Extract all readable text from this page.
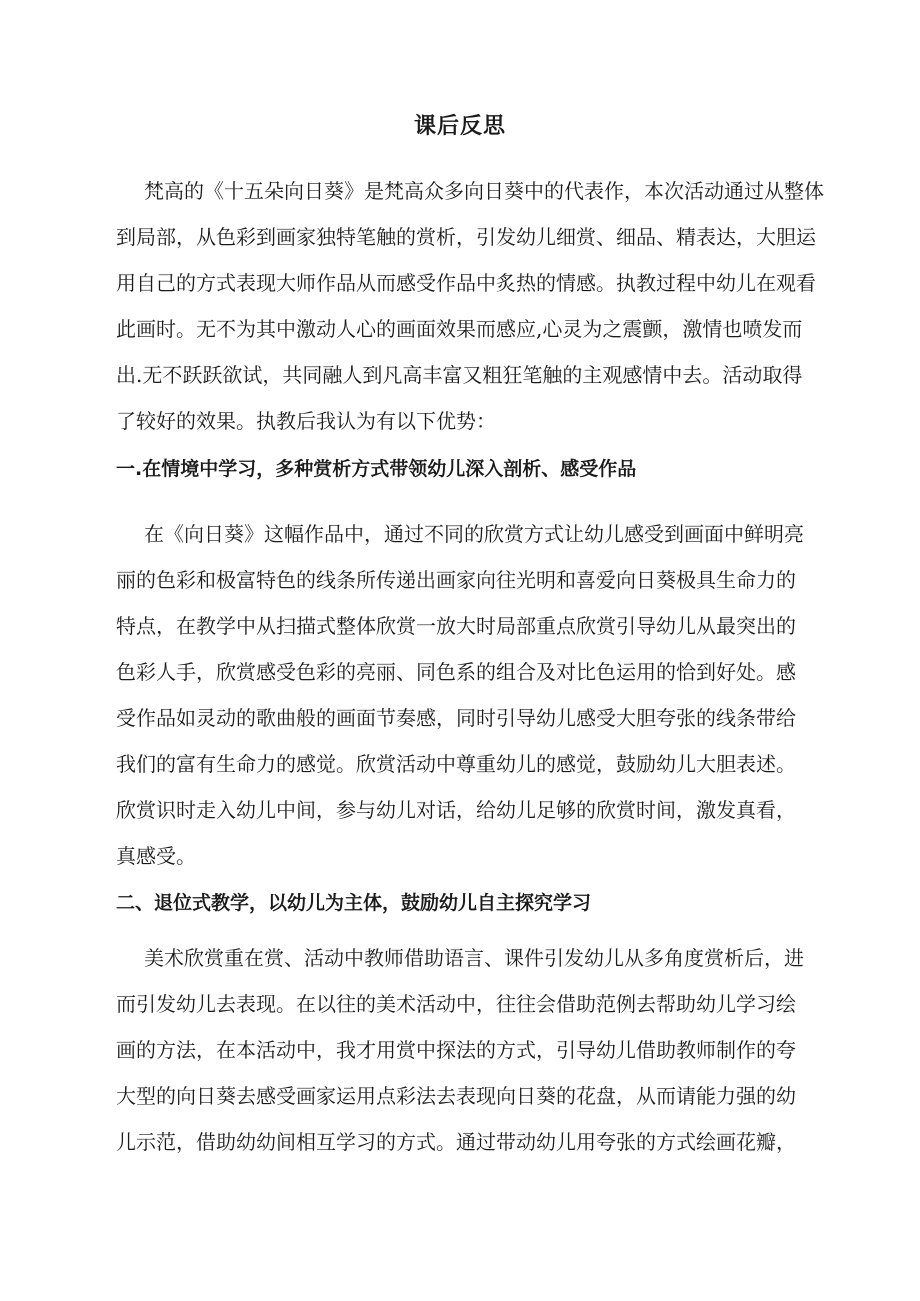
课后反思
梵高的《十五朵向日葵》是梵高众多向日葵中的代表作，本次活动通过从整体
到局部，从色彩到画家独特笔触的赏析，引发幼儿细赏、细品、精表达，大胆运
用自己的方式表现大师作品从而感受作品中炙热的情感。执教过程中幼儿在观看
此画时。无不为其中激动人心的画面效果而感应,心灵为之震颤，激情也喷发而
出.无不跃跃欲试，共同融人到凡高丰富又粗狂笔触的主观感情中去。活动取得
了较好的效果。执教后我认为有以下优势：
一.在情境中学习，多种赏析方式带领幼儿深入剖析、感受作品
在《向日葵》这幅作品中，通过不同的欣赏方式让幼儿感受到画面中鲜明亮
丽的色彩和极富特色的线条所传递出画家向往光明和喜爱向日葵极具生命力的
特点，在教学中从扫描式整体欣赏一放大时局部重点欣赏引导幼儿从最突出的
色彩人手，欣赏感受色彩的亮丽、同色系的组合及对比色运用的恰到好处。感
受作品如灵动的歌曲般的画面节奏感，同时引导幼儿感受大胆夸张的线条带给
我们的富有生命力的感觉。欣赏活动中尊重幼儿的感觉，鼓励幼儿大胆表述。
欣赏识时走入幼儿中间，参与幼儿对话，给幼儿足够的欣赏时间，激发真看，
真感受。
二、退位式教学，以幼儿为主体，鼓励幼儿自主探究学习
美术欣赏重在赏、活动中教师借助语言、课件引发幼儿从多角度赏析后，进
而引发幼儿去表现。在以往的美术活动中，往往会借助范例去帮助幼儿学习绘
画的方法，在本活动中，我才用赏中探法的方式，引导幼儿借助教师制作的夸
大型的向日葵去感受画家运用点彩法去表现向日葵的花盘，从而请能力强的幼
儿示范，借助幼幼间相互学习的方式。通过带动幼儿用夸张的方式绘画花瓣，
